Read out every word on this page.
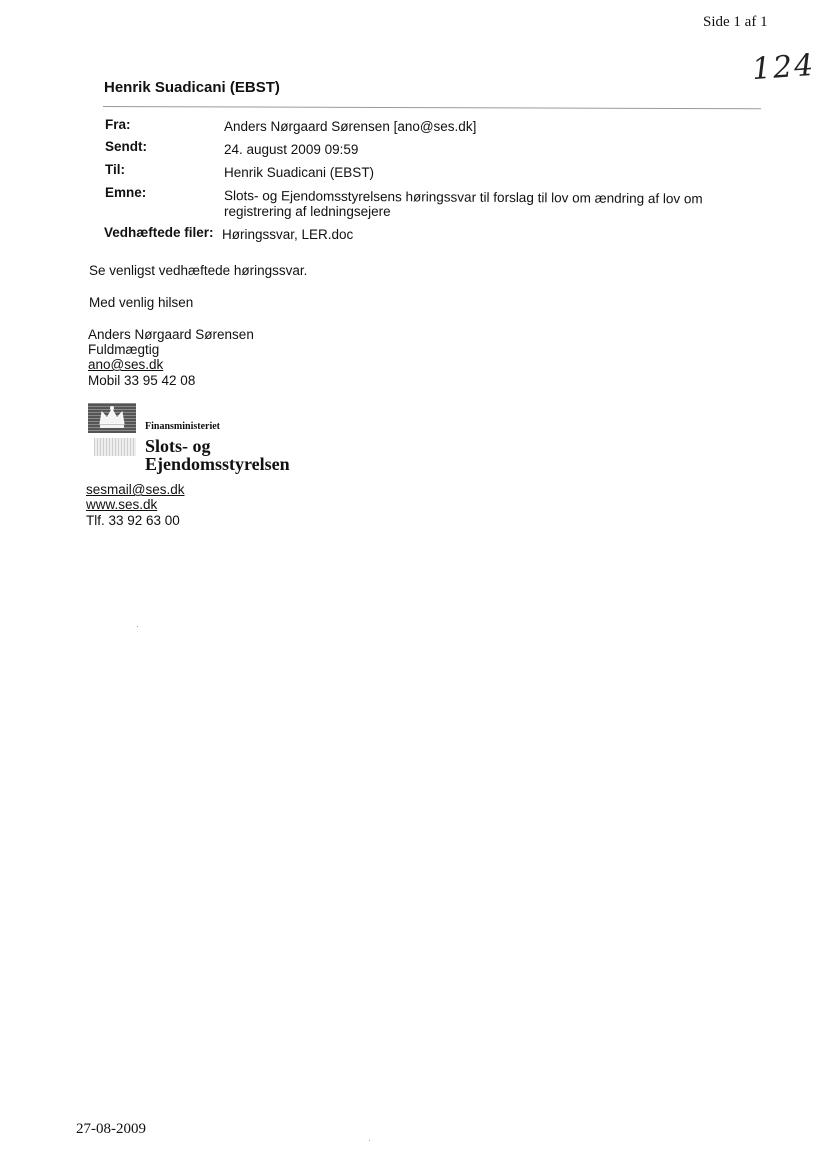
Side 1 af 1
124
Henrik Suadicani (EBST)
Fra:	Anders Nørgaard Sørensen [ano@ses.dk]
Sendt:	24. august 2009 09:59
Til:	Henrik Suadicani (EBST)
Emne:	Slots- og Ejendomsstyrelsens høringssvar til forslag til lov om ændring af lov om
registrering af ledningsejere
Vedhæftede filer: Høringssvar, LER.doc
Se venligst vedhæftede høringssvar.
Med venlig hilsen
Anders Nørgaard Sørensen
Fuldmægtig
ano@ses.dk
Mobil 33 95 42 08
Finansministeriet
Slots- og
Ejendomsstyrelsen
sesmail@ses.dk
www.ses.dk
Tlf. 33 92 63 00
27-08-2009
